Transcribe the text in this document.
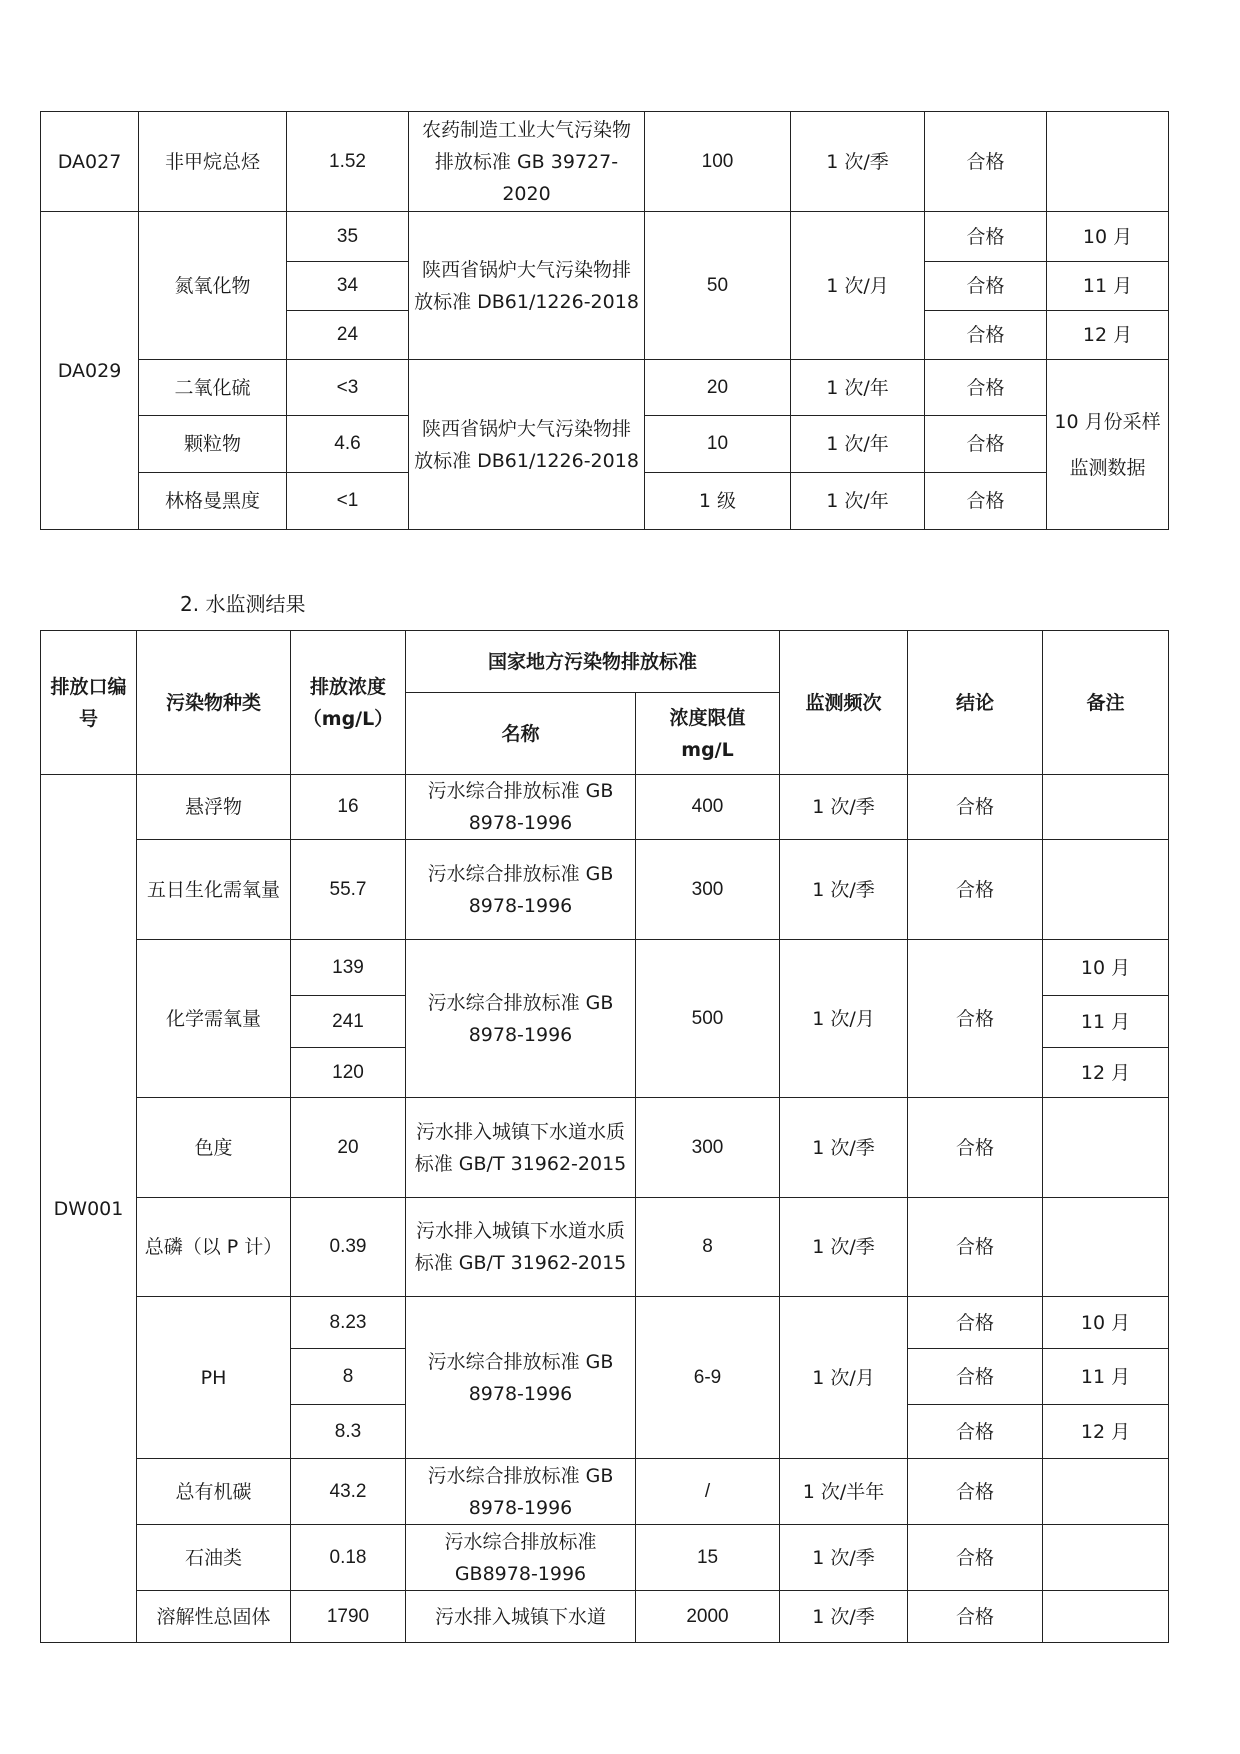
DA027	非甲烷总烃	1.52	农药制造工业大气污染物排放标准 GB 39727-2020	100	1 次/季	合格	
DA029	氮氧化物	35	陕西省锅炉大气污染物排放标准 DB61/1226-2018	50	1 次/月	合格	10 月
		34				合格	11 月
		24				合格	12 月
	二氧化硫	<3	陕西省锅炉大气污染物排放标准 DB61/1226-2018	20	1 次/年	合格	10 月份采样监测数据
	颗粒物	4.6		10	1 次/年	合格	
	林格曼黑度	<1		1 级	1 次/年	合格	
2. 水监测结果
排放口编号	污染物种类	排放浓度（mg/L）	国家地方污染物排放标准		监测频次	结论	备注
			名称	浓度限值 mg/L			
DW001	悬浮物	16	污水综合排放标准 GB 8978-1996	400	1 次/季	合格	
	五日生化需氧量	55.7	污水综合排放标准 GB 8978-1996	300	1 次/季	合格	
	化学需氧量	139	污水综合排放标准 GB 8978-1996	500	1 次/月	合格	10 月
		241					11 月
		120					12 月
	色度	20	污水排入城镇下水道水质标准 GB/T 31962-2015	300	1 次/季	合格	
	总磷（以 P 计）	0.39	污水排入城镇下水道水质标准 GB/T 31962-2015	8	1 次/季	合格	
	PH	8.23	污水综合排放标准 GB 8978-1996	6-9	1 次/月	合格	10 月
		8				合格	11 月
		8.3				合格	12 月
	总有机碳	43.2	污水综合排放标准 GB 8978-1996	/	1 次/半年	合格	
	石油类	0.18	污水综合排放标准 GB8978-1996	15	1 次/季	合格	
	溶解性总固体	1790	污水排入城镇下水道	2000	1 次/季	合格	
